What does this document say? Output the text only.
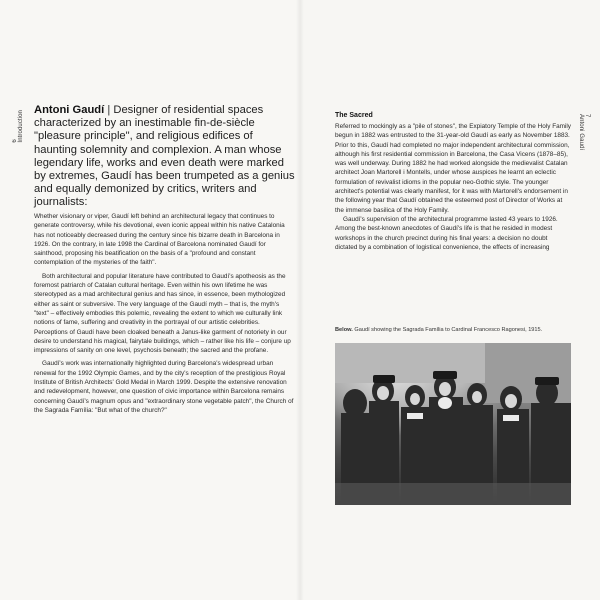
6 Introduction Antoni Gaudí | Designer of residential spaces characterized by an inestimable fin-de-siècle "pleasure principle", and religious edifices of haunting solemnity and complexion. A man whose legendary life, works and even death were marked by extremes, Gaudí has been trumpeted as a genius and equally demonized by critics, writers and journalists:

Whether visionary or viper, Gaudí left behind an architectural legacy that continues to generate controversy, while his devotional, even iconic appeal within his native Catalonia has not noticeably decreased during the century since his bizarre death in Barcelona in 1926. On the contrary, in late 1998 the Cardinal of Barcelona nominated Gaudí for sainthood, proposing his beatification on the basis of a "profound and constant contemplation of the mysteries of the faith".

Both architectural and popular literature have contributed to Gaudí's apotheosis as the foremost patriarch of Catalan cultural heritage. Even within his own lifetime he was stereotyped as a mad architectural genius and has since, in essence, been mythologized either as saint or subversive. The very language of the Gaudí myth – that is, the myth's "text" – effectively embodies this polemic, revealing the extent to which we culturally link notions of fame, suffering and creativity in the portrayal of our artistic celebrities. Perceptions of Gaudí have been cloaked beneath a Janus-like garment of notoriety in our desire to understand his magical, fairytale buildings, which – rather like his life – conjure up impressions of sanity on one level, psychosis beneath; the sacred and the profane.

Gaudí's work was internationally highlighted during Barcelona's widespread urban renewal for the 1992 Olympic Games, and by the city's reception of the prestigious Royal Institute of British Architects' Gold Medal in March 1999. Despite the extensive renovation and redevelopment, however, one question of civic importance within Barcelona remains concerning Gaudí's magnum opus and "extraordinary stone vegetable patch", the Church of the Sagrada Família: "But what of the church?"

7
Antoni Gaudí
The Sacred

Referred to mockingly as a "pile of stones", the Expiatory Temple of the Holy Family begun in 1882 was entrusted to the 31-year-old Gaudí as early as November 1883. Prior to this, Gaudí had completed no major independent architectural commission, although his first residential commission in Barcelona, the Casa Vicens (1878–85), was well underway. During 1882 he had worked alongside the medievalist Catalan architect Joan Martorell i Montells, under whose auspices he learnt an eclectic formulation of revivalist idioms in the popular neo-Gothic style. The younger architect's potential was clearly manifest, for it was with Martorell's endorsement in the following year that Gaudí obtained the esteemed post of Director of Works at the immense basilica of the Holy Family.

Gaudí's supervision of the architectural programme lasted 43 years to 1926. Among the best-known anecdotes of Gaudí's life is that he resided in modest workshops in the church precinct during his final years: a decision no doubt dictated by a combination of logistical convenience, the effects of increasing

Below. Gaudí showing the Sagrada Família to Cardinal Francesco Ragonesi, 1915.
